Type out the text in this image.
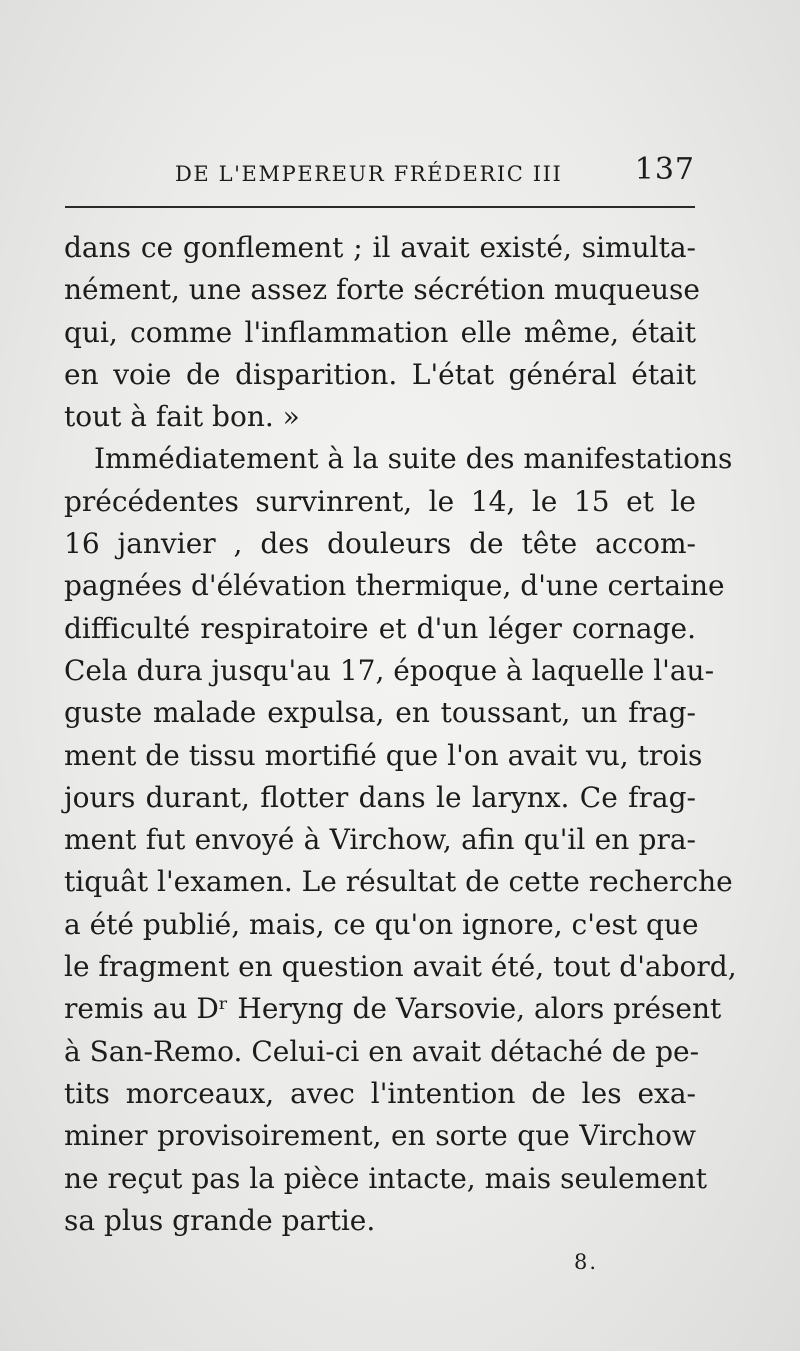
DE L'EMPEREUR FRÉDERIC III 137
dans ce gonflement ; il avait existé, simulta-
nément, une assez forte sécrétion muqueuse
qui, comme l'inflammation elle même, était
en voie de disparition. L'état général était
tout à fait bon. »
Immédiatement à la suite des manifestations
précédentes survinrent, le 14, le 15 et le
16 janvier , des douleurs de tête accom-
pagnées d'élévation thermique, d'une certaine
difficulté respiratoire et d'un léger cornage.
Cela dura jusqu'au 17, époque à laquelle l'au-
guste malade expulsa, en toussant, un frag-
ment de tissu mortifié que l'on avait vu, trois
jours durant, flotter dans le larynx. Ce frag-
ment fut envoyé à Virchow, afin qu'il en pra-
tiquât l'examen. Le résultat de cette recherche
a été publié, mais, ce qu'on ignore, c'est que
le fragment en question avait été, tout d'abord,
remis au Dʳ Heryng de Varsovie, alors présent
à San-Remo. Celui-ci en avait détaché de pe-
tits morceaux, avec l'intention de les exa-
miner provisoirement, en sorte que Virchow
ne reçut pas la pièce intacte, mais seulement
sa plus grande partie.
8.
